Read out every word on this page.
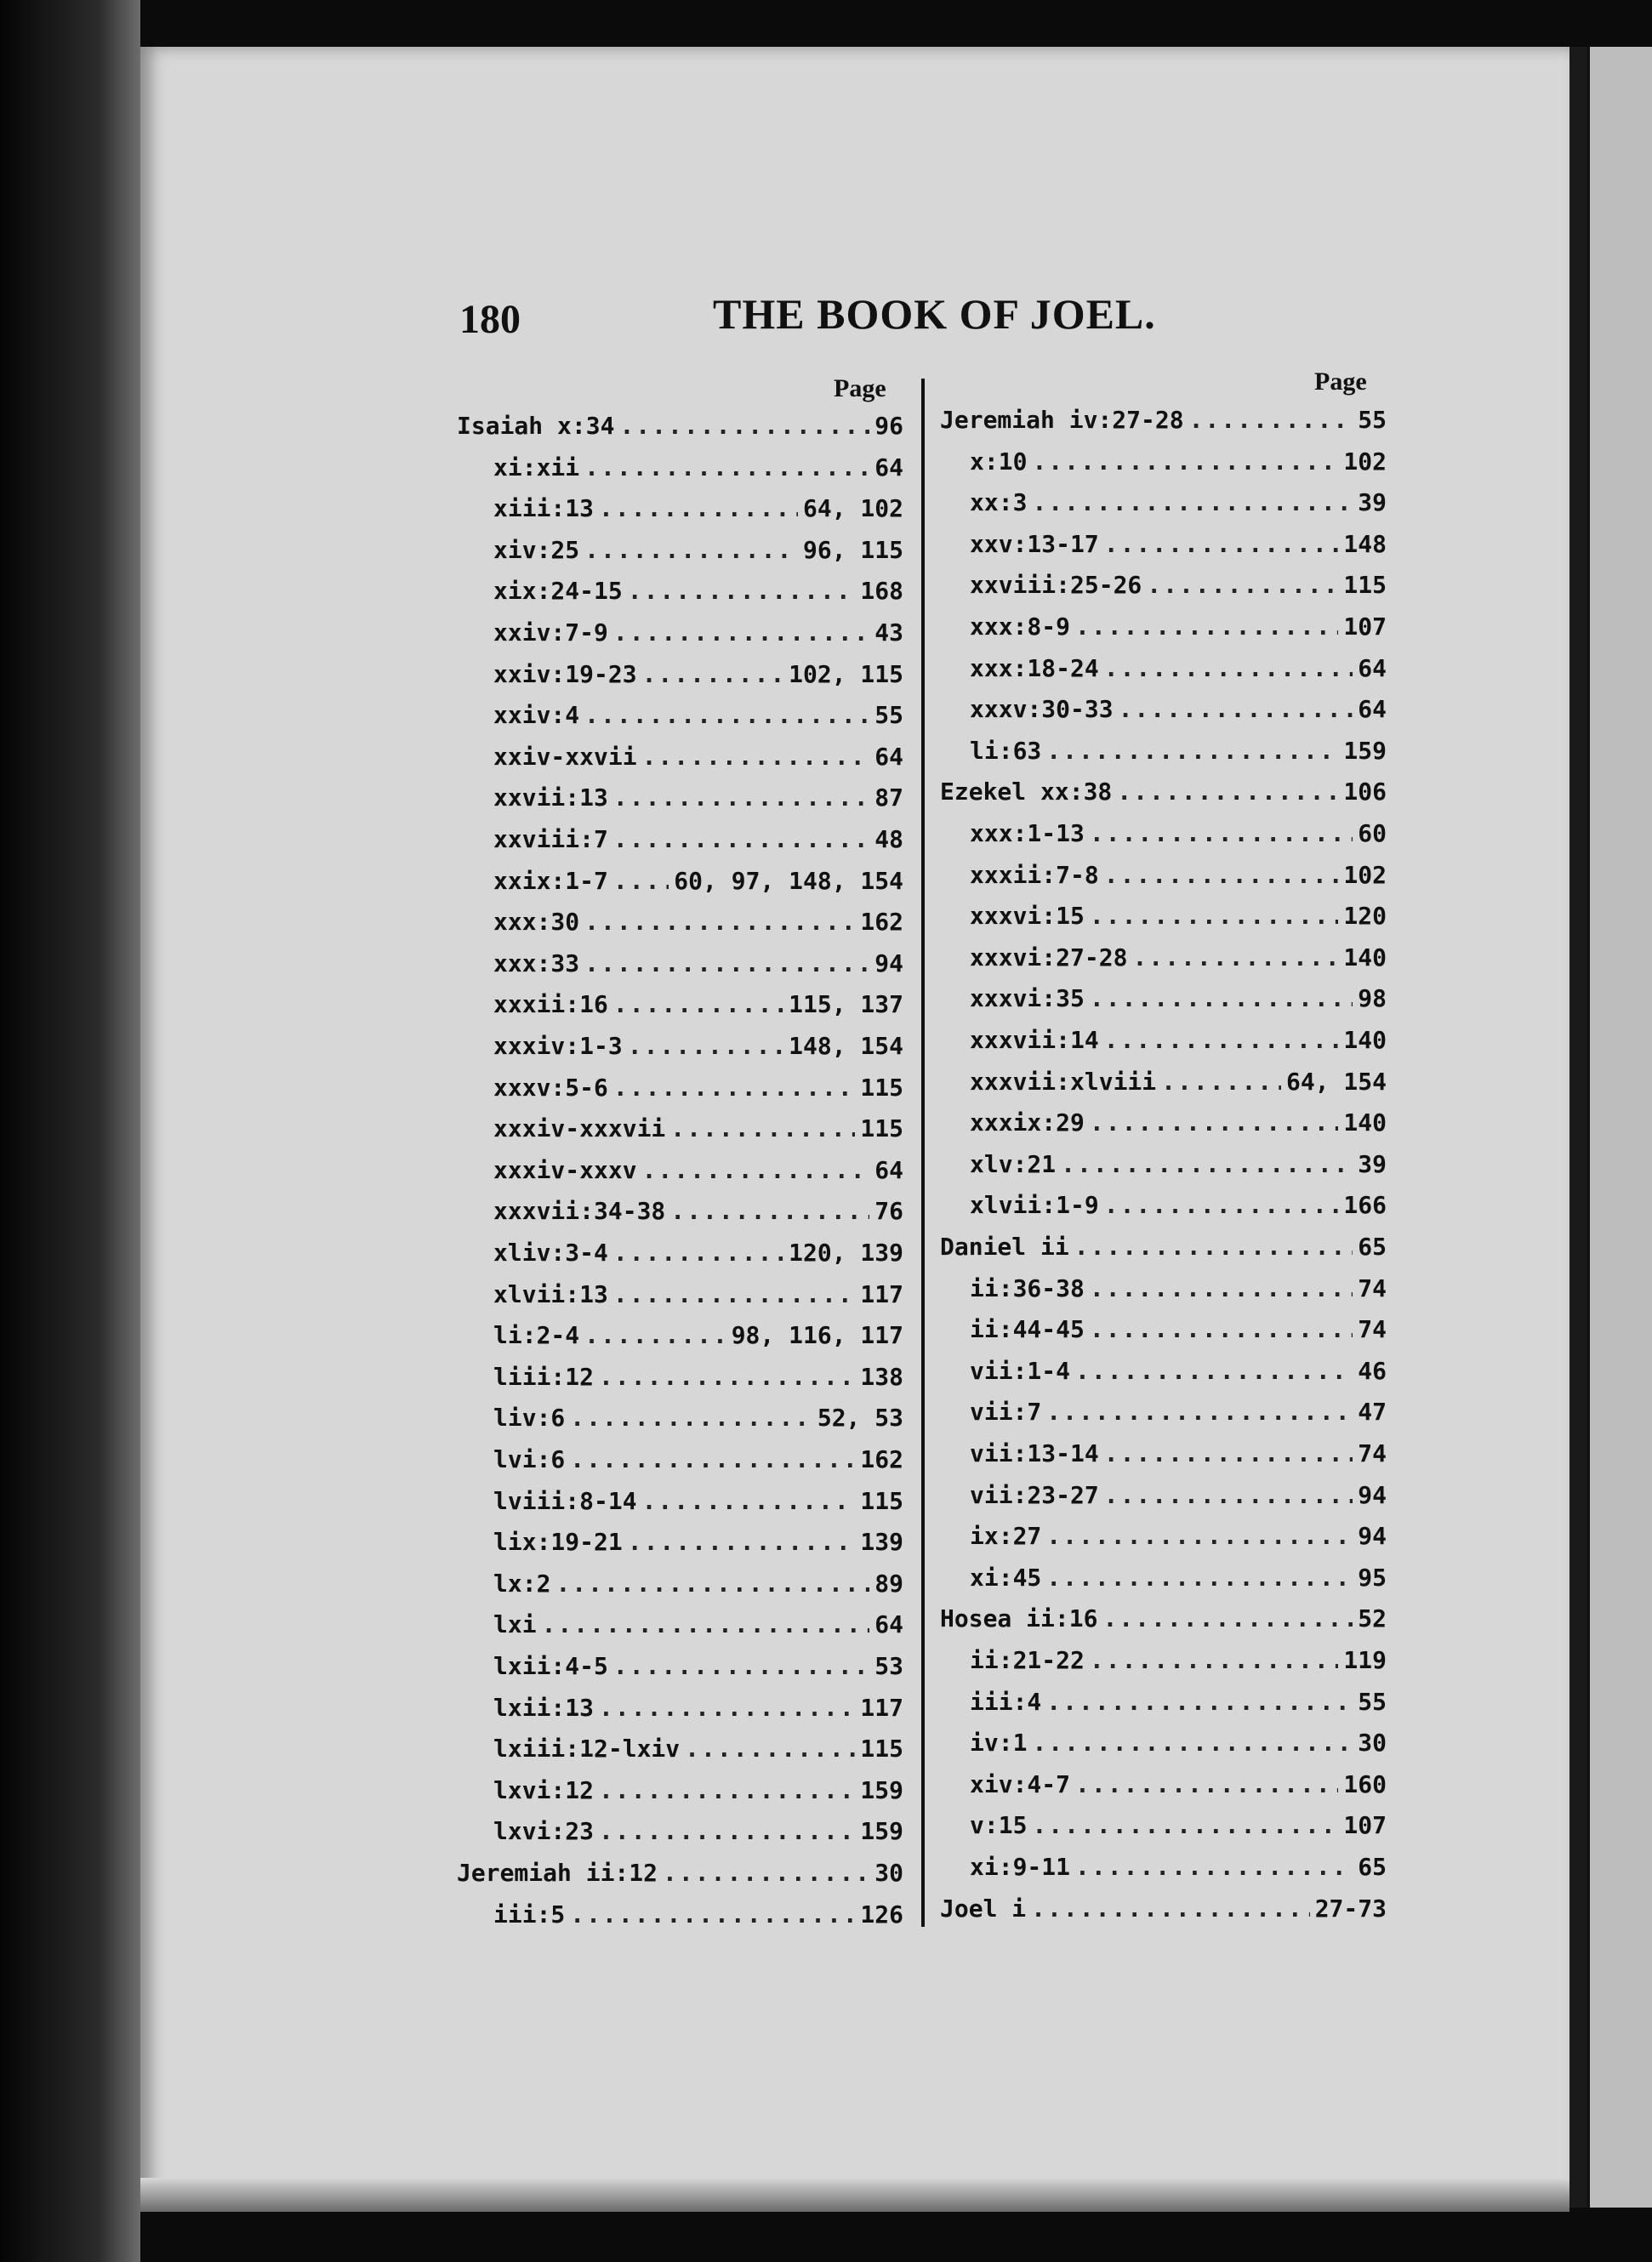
180	THE BOOK OF JOEL.
Page	Page
Isaiah x:34 .....	96
xi:xii .....	64
xiii:13 .....	64, 102
xiv:25 .....	96, 115
xix:24-15 .....	168
xxiv:7-9 .....	43
xxiv:19-23 .....	102, 115
xxiv:4 .....	55
xxiv-xxvii .....	64
xxvii:13 .....	87
xxviii:7 .....	48
xxix:1-7 .....	60, 97, 148, 154
xxx:30 .....	162
xxx:33 .....	94
xxxii:16 .....	115, 137
xxxiv:1-3 .....	148, 154
xxxv:5-6 .....	115
xxxiv-xxxvii .....	115
xxxiv-xxxv .....	64
xxxvii:34-38 .....	76
xliv:3-4 .....	120, 139
xlvii:13 .....	117
li:2-4 .....	98, 116, 117
liii:12 .....	138
liv:6 .....	52, 53
lvi:6 .....	162
lviii:8-14 .....	115
lix:19-21 .....	139
lx:2 .....	89
lxi .....	64
lxii:4-5 .....	53
lxii:13 .....	117
lxiii:12-lxiv .....	115
lxvi:12 .....	159
lxvi:23 .....	159
Jeremiah ii:12 .....	30
iii:5 .....	126
Jeremiah iv:27-28 .....	55
x:10 .....	102
xx:3 .....	39
xxv:13-17 .....	148
xxviii:25-26 .....	115
xxx:8-9 .....	107
xxx:18-24 .....	64
xxxv:30-33 .....	64
li:63 .....	159
Ezekel xx:38 .....	106
xxx:1-13 .....	60
xxxii:7-8 .....	102
xxxvi:15 .....	120
xxxvi:27-28 .....	140
xxxvi:35 .....	98
xxxvii:14 .....	140
xxxvii:xlviii .....	64, 154
xxxix:29 .....	140
xlv:21 .....	39
xlvii:1-9 .....	166
Daniel ii .....	65
ii:36-38 .....	74
ii:44-45 .....	74
vii:1-4 .....	46
vii:7 .....	47
vii:13-14 .....	74
vii:23-27 .....	94
ix:27 .....	94
xi:45 .....	95
Hosea ii:16 .....	52
ii:21-22 .....	119
iii:4 .....	55
iv:1 .....	30
xiv:4-7 .....	160
v:15 .....	107
xi:9-11 .....	65
Joel i .....	27-73
